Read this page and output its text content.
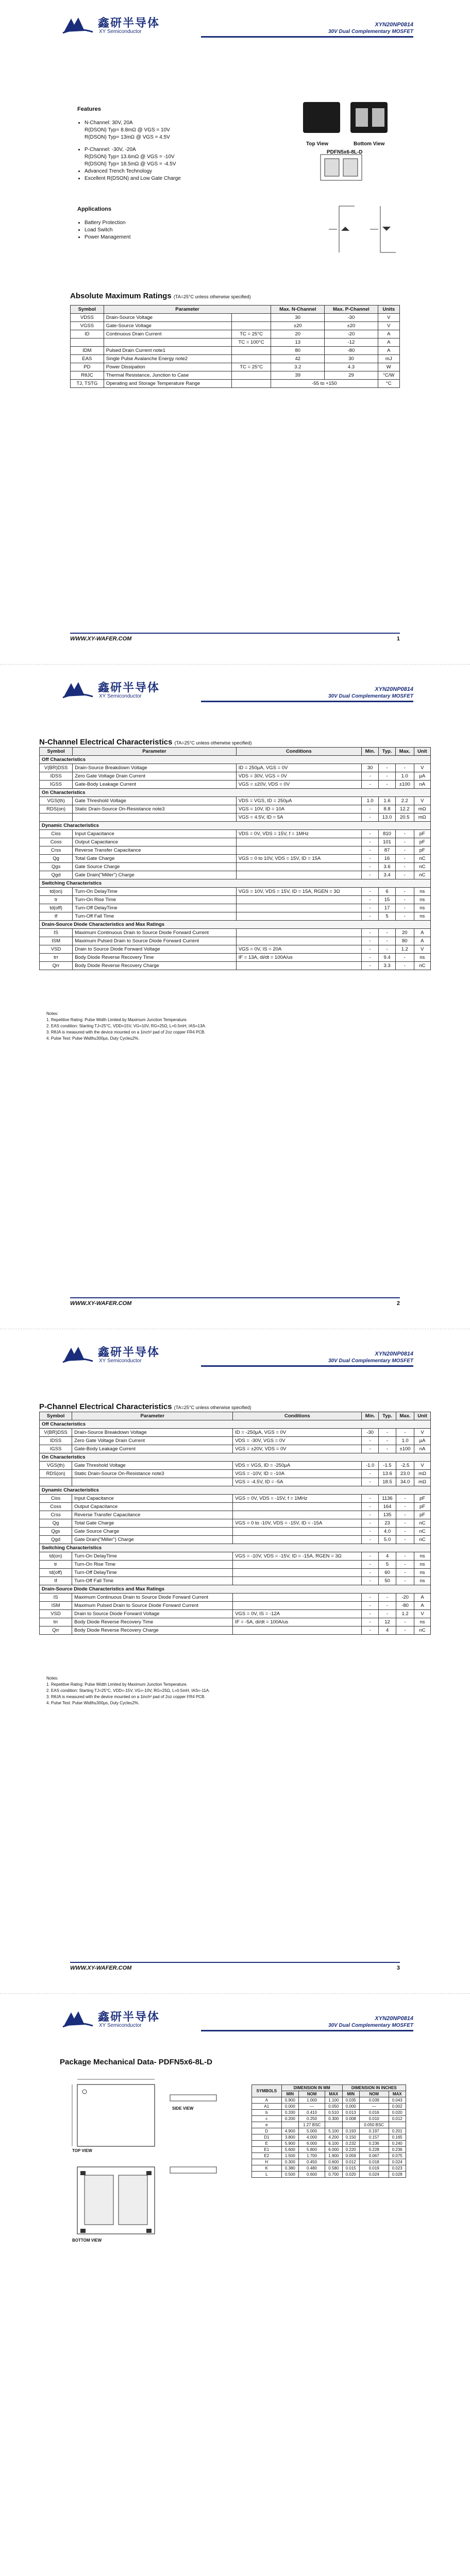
鑫研半导体
XY Semiconductor
XYN20NP0814
30V Dual Complementary MOSFET
Features
• N-Channel: 30V, 20A
R(DSON) Typ= 8.8mΩ @ VGS = 10V
R(DSON) Typ= 13mΩ @ VGS = 4.5V
• P-Channel: -30V, -20A
R(DSON) Typ= 13.6mΩ @ VGS = -10V
R(DSON) Typ= 18.5mΩ @ VGS = -4.5V
• Advanced Trench Technology
• Excellent R(DSON) and Low Gate Charge
Applications
• Battery Protection
• Load Switch
• Power Management
Top View	Bottom View
PDFN5x6-8L-D
Absolute Maximum Ratings (TA=25°C unless otherwise specified)
Symbol	Parameter		Max. N-Channel	Max. P-Channel	Units
VDSS	Drain-Source Voltage		30	-30	V
VGSS	Gate-Source Voltage		±20	±20	V
ID	Continuous Drain Current	TC = 25°C	20	-20	A
		TC = 100°C	13	-12	A
IDM	Pulsed Drain Current note1		80	-80	A
EAS	Single Pulse Avalanche Energy note2		42	30	mJ
PD	Power Dissipation	TC = 25°C	3.2	4.3	W
RθJC	Thermal Resistance, Junction to Case		39	29	°C/W
TJ, TSTG	Operating and Storage Temperature Range		-55 to +150		°C
WWW.XY-WAFER.COM	1
鑫研半导体
XY Semiconductor
XYN20NP0814
30V Dual Complementary MOSFET
N-Channel Electrical Characteristics (TA=25°C unless otherwise specified)
Symbol	Parameter	Conditions	Min.	Typ.	Max.	Unit
Off Characteristics						
V(BR)DSS	Drain-Source Breakdown Voltage	ID = 250μA, VGS = 0V	30	-	-	V
IDSS	Zero Gate Voltage Drain Current	VDS = 30V, VGS = 0V	-	-	1.0	μA
IGSS	Gate-Body Leakage Current	VGS = ±20V, VDS = 0V	-	-	±100	nA
On Characteristics						
VGS(th)	Gate Threshold Voltage	VDS = VGS, ID = 250μA	1.0	1.6	2.2	V
RDS(on)	Static Drain-Source On-Resistance note3	VGS = 10V, ID = 10A	-	8.8	12.2	mΩ
		VGS = 4.5V, ID = 5A	-	13.0	20.5	mΩ
Dynamic Characteristics						
Ciss	Input Capacitance	VDS = 0V, VDS = 15V, f = 1MHz	-	810	-	pF
Coss	Output Capacitance		-	101	-	pF
Crss	Reverse Transfer Capacitance		-	87	-	pF
Qg	Total Gate Charge	VGS = 0 to 10V, VDS = 15V, ID = 15A	-	16	-	nC
Qgs	Gate Source Charge		-	3.6	-	nC
Qgd	Gate Drain("Miller") Charge		-	3.4	-	nC
Switching Characteristics						
td(on)	Turn-On DelayTime	VGS = 10V, VDS = 15V, ID = 15A, RGEN = 3Ω	-	6	-	ns
tr	Turn-On Rise Time		-	15	-	ns
td(off)	Turn-Off DelayTime		-	17	-	ns
tf	Turn-Off Fall Time		-	5	-	ns
Drain-Source Diode Characteristics and Max Ratings						
IS	Maximum Continuous Drain to Source Diode Forward Current		-	-	20	A
ISM	Maximum Pulsed Drain to Source Diode Forward Current		-	-	80	A
VSD	Drain to Source Diode Forward Voltage	VGS = 0V, IS = 20A	-	-	1.2	V
trr	Body Diode Reverse Recovery Time	IF = 13A, di/dt = 100A/us	-	9.4	-	ns
Qrr	Body Diode Reverse Recovery Charge		-	3.3	-	nC
Notes:
1. Repetitive Rating: Pulse Width Limited by Maximum Junction Temperature.
2. EAS condition: Starting TJ=25°C, VDD=15V, VG=10V, RG=25Ω, L=0.5mH, IAS=13A.
3. RθJA is measured with the device mounted on a 1inch² pad of 2oz copper FR4 PCB.
4. Pulse Test: Pulse Width≤300μs, Duty Cycle≤2%.
WWW.XY-WAFER.COM	2
鑫研半导体
XY Semiconductor
XYN20NP0814
30V Dual Complementary MOSFET
P-Channel Electrical Characteristics (TA=25°C unless otherwise specified)
Symbol	Parameter	Conditions	Min.	Typ.	Max.	Unit
Off Characteristics						
V(BR)DSS	Drain-Source Breakdown Voltage	ID = -250μA, VGS = 0V	-30	-	-	V
IDSS	Zero Gate Voltage Drain Current	VDS = -30V, VGS = 0V	-	-	1.0	μA
IGSS	Gate-Body Leakage Current	VGS = ±20V, VDS = 0V	-	-	±100	nA
On Characteristics						
VGS(th)	Gate Threshold Voltage	VDS = VGS, ID = -250μA	-1.0	-1.5	-2.5	V
RDS(on)	Static Drain-Source On-Resistance note3	VGS = -10V, ID = -10A	-	13.6	23.0	mΩ
		VGS = -4.5V, ID = -5A	-	18.5	34.0	mΩ
Dynamic Characteristics						
Ciss	Input Capacitance	VGS = 0V, VDS = -15V, f = 1MHz	-	1136	-	pF
Coss	Output Capacitance		-	164	-	pF
Crss	Reverse Transfer Capacitance		-	135	-	pF
Qg	Total Gate Charge	VGS = 0 to -10V, VDS = -15V, ID = -15A	-	23	-	nC
Qgs	Gate Source Charge		-	4.0	-	nC
Qgd	Gate Drain("Miller") Charge		-	5.0	-	nC
Switching Characteristics						
td(on)	Turn-On DelayTime	VGS = -10V, VDS = -15V, ID = -15A, RGEN = 3Ω	-	4	-	ns
tr	Turn-On Rise Time		-	5	-	ns
td(off)	Turn-Off DelayTime		-	60	-	ns
tf	Turn-Off Fall Time		-	50	-	ns
Drain-Source Diode Characteristics and Max Ratings						
IS	Maximum Continuous Drain to Source Diode Forward Current		-	-	-20	A
ISM	Maximum Pulsed Drain to Source Diode Forward Current		-	-	-80	A
VSD	Drain to Source Diode Forward Voltage	VGS = 0V, IS = -12A	-	-	1.2	V
trr	Body Diode Reverse Recovery Time	IF = -5A, di/dt = 100A/us	-	12	-	ns
Qrr	Body Diode Reverse Recovery Charge		-	4	-	nC
Notes:
1. Repetitive Rating: Pulse Width Limited by Maximum Junction Temperature.
2. EAS condition: Starting TJ=25°C, VDD=-15V, VG=-10V, RG=25Ω, L=0.5mH, IAS=-11A.
3. RθJA is measured with the device mounted on a 1inch² pad of 2oz copper FR4 PCB.
4. Pulse Test: Pulse Width≤300μs, Duty Cycle≤2%.
WWW.XY-WAFER.COM	3
鑫研半导体
XY Semiconductor
XYN20NP0814
30V Dual Complementary MOSFET
Package Mechanical Data- PDFN5x6-8L-D
TOP VIEW
SIDE VIEW
BOTTOM VIEW
SYMBOLS	DIMENSION IN MM			DIMENSION IN INCHES		
	MIN	NOM	MAX	MIN	NOM	MAX
A	0.900	1.000	1.100	0.035	0.039	0.043
A1	0.000	—	0.050	0.000	—	0.002
b	0.330	0.410	0.510	0.013	0.016	0.020
c	0.200	0.250	0.300	0.008	0.010	0.012
e		1.27 BSC			0.050 BSC	
D	4.900	5.000	5.100	0.193	0.197	0.201
D1	3.800	4.000	4.200	0.150	0.157	0.165
E	5.900	6.000	6.100	0.232	0.236	0.240
E1	5.600	5.800	6.000	0.220	0.228	0.236
E2	1.500	1.700	1.900	0.059	0.067	0.075
H	0.300	0.450	0.600	0.012	0.018	0.024
K	0.380	0.480	0.580	0.015	0.019	0.023
L	0.500	0.600	0.700	0.020	0.024	0.028
